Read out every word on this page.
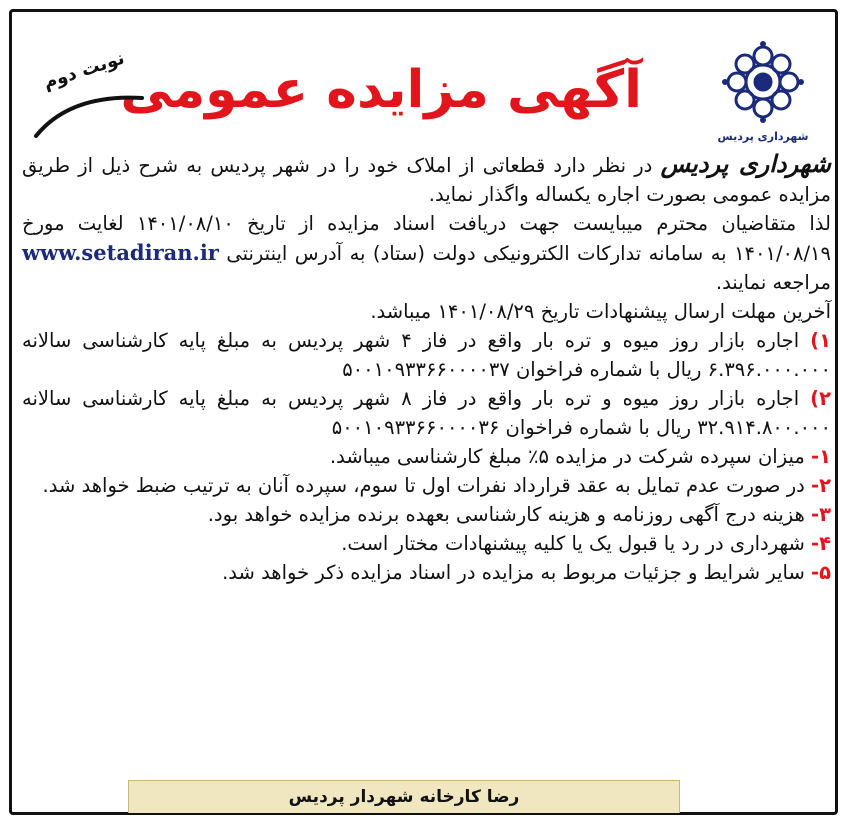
شهرداری پردیس
آگهی مزایده عمومی
نوبت دوم

شهرداری پردیس در نظر دارد قطعاتی از املاک خود را در شهر پردیس به شرح ذیل از طریق مزایده عمومی بصورت اجاره یکساله واگذار نماید.

لذا متقاضیان محترم میبایست جهت دریافت اسناد مزایده از تاریخ ۱۴۰۱/۰۸/۱۰ لغایت مورخ ۱۴۰۱/۰۸/۱۹ به سامانه تدارکات الکترونیکی دولت (ستاد) به آدرس اینترنتی www.setadiran.ir مراجعه نمایند.

آخرین مهلت ارسال پیشنهادات تاریخ ۱۴۰۱/۰۸/۲۹ میباشد.

۱) اجاره بازار روز میوه و تره بار واقع در فاز ۴ شهر پردیس به مبلغ پایه کارشناسی سالانه ۶.۳۹۶.۰۰۰.۰۰۰ ریال با شماره فراخوان ۵۰۰۱۰۹۳۳۶۶۰۰۰۰۳۷

۲) اجاره بازار روز میوه و تره بار واقع در فاز ۸ شهر پردیس به مبلغ پایه کارشناسی سالانه ۳۲.۹۱۴.۸۰۰.۰۰۰ ریال با شماره فراخوان ۵۰۰۱۰۹۳۳۶۶۰۰۰۰۳۶

۱- میزان سپرده شرکت در مزایده ۵٪ مبلغ کارشناسی میباشد.

۲- در صورت عدم تمایل به عقد قرارداد نفرات اول تا سوم، سپرده آنان به ترتیب ضبط خواهد شد.

۳- هزینه درج آگهی روزنامه و هزینه کارشناسی بعهده برنده مزایده خواهد بود.

۴- شهرداری در رد یا قبول یک یا کلیه پیشنهادات مختار است.

۵- سایر شرایط و جزئیات مربوط به مزایده در اسناد مزایده ذکر خواهد شد.

رضا کارخانه شهردار پردیس
